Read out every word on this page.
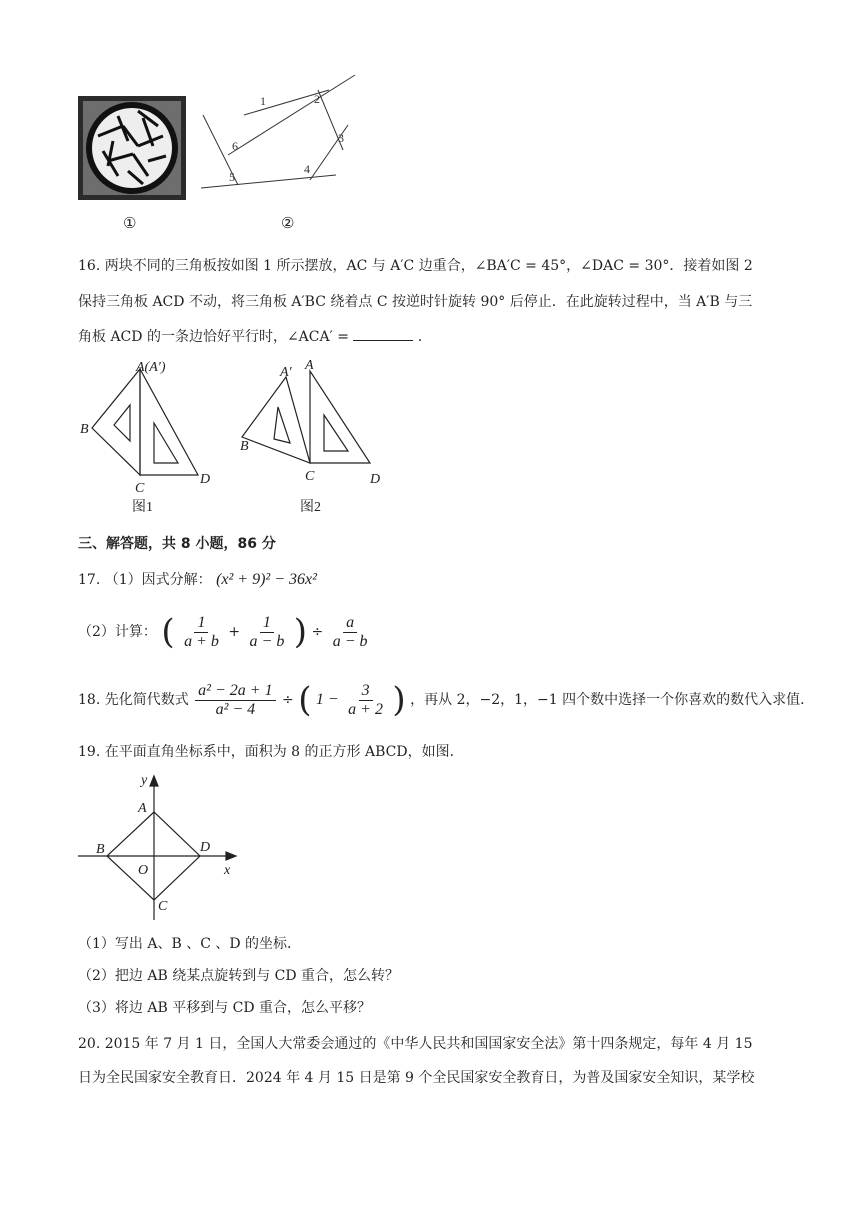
①
1	2
3
4
5
6
②
16. 两块不同的三角板按如图 1 所示摆放，AC 与 A′C 边重合，∠BA′C = 45°，∠DAC = 30°．接着如图 2
保持三角板 ACD 不动，将三角板 A′BC 绕着点 C 按逆时针旋转 90° 后停止．在此旋转过程中，当 A′B 与三
角板 ACD 的一条边恰好平行时，∠ACA′ =	．
A(A′)
B
C
D
图1
A′ A
B
C	D
图2
三、解答题，共 8 小题，86 分
17. （1）因式分解： (x² + 9)² − 36x²
（2）计算： ( $\frac{1}{a + b} + \frac{1}{a - b}$ ) ÷ $\frac{a}{a - b}$
18. 先化简代数式 $\frac{\text{a² − 2a + 1}}{\text{a² − 4}}$ ÷ ( $1 - \frac{3}{a + 2}$ ) ，再从 2，−2，1，−1 四个数中选择一个你喜欢的数代入求值．
19. 在平面直角坐标系中，面积为 8 的正方形 ABCD，如图．
y
x
A
B	D
O
C
（1）写出 A、B 、C 、D 的坐标．
（2）把边 AB 绕某点旋转到与 CD 重合，怎么转？
（3）将边 AB 平移到与 CD 重合，怎么平移？
20. 2015 年 7 月 1 日，全国人大常委会通过的《中华人民共和国国家安全法》第十四条规定，每年 4 月 15
日为全民国家安全教育日．2024 年 4 月 15 日是第 9 个全民国家安全教育日，为普及国家安全知识，某学校
